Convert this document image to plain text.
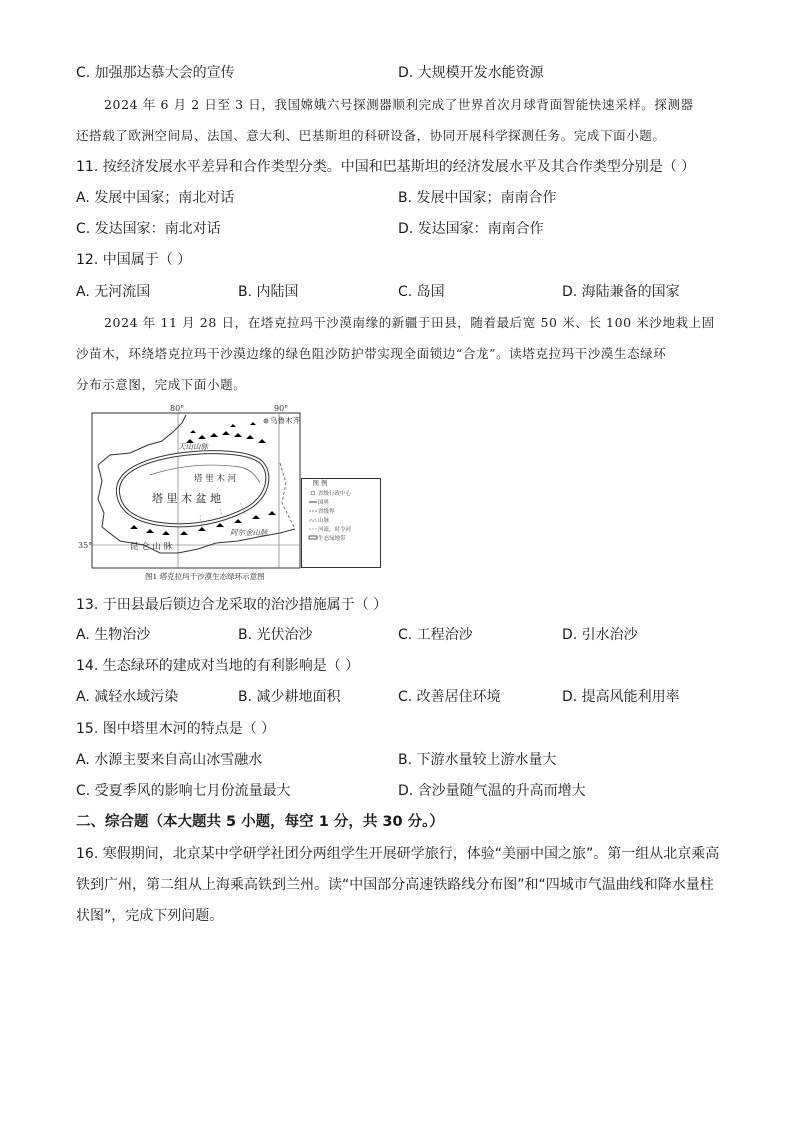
C. 加强那达慕大会的宣传	D. 大规模开发水能资源
2024 年 6 月 2 日至 3 日，我国嫦娥六号探测器顺利完成了世界首次月球背面智能快速采样。探测器
还搭载了欧洲空间局、法国、意大利、巴基斯坦的科研设备，协同开展科学探测任务。完成下面小题。
11. 按经济发展水平差异和合作类型分类。中国和巴基斯坦的经济发展水平及其合作类型分别是（ ）
A. 发展中国家；南北对话	B. 发展中国家；南南合作
C. 发达国家：南北对话	D. 发达国家：南南合作
12. 中国属于（ ）
A. 无河流国	B. 内陆国	C. 岛国	D. 海陆兼备的国家
2024 年 11 月 28 日，在塔克拉玛干沙漠南缘的新疆于田县，随着最后宽 50 米、长 100 米沙地栽上固
沙苗木，环绕塔克拉玛干沙漠边缘的绿色阻沙防护带实现全面锁边“合龙”。读塔克拉玛干沙漠生态绿环
分布示意图，完成下面小题。
80°	90°
35°
乌鲁木齐
天山山脉
塔 里 木 河
塔 里 木 盆 地
昆 仑 山 脉
阿尔金山脉
图 例
省级行政中心
国界
省级界
山脉
河流、时令河
生态绿地带
图1 塔克拉玛干沙漠生态绿环示意图
13. 于田县最后锁边合龙采取的治沙措施属于（ ）
A. 生物治沙	B. 光伏治沙	C. 工程治沙	D. 引水治沙
14. 生态绿环的建成对当地的有利影响是（ ）
A. 减轻水域污染	B. 减少耕地面积	C. 改善居住环境	D. 提高风能利用率
15. 图中塔里木河的特点是（ ）
A. 水源主要来自高山冰雪融水	B. 下游水量较上游水量大
C. 受夏季风的影响七月份流量最大	D. 含沙量随气温的升高而增大
二、综合题（本大题共 5 小题，每空 1 分，共 30 分。）
16. 寒假期间，北京某中学研学社团分两组学生开展研学旅行，体验“美丽中国之旅”。第一组从北京乘高
铁到广州，第二组从上海乘高铁到兰州。读“中国部分高速铁路线分布图”和“四城市气温曲线和降水量柱
状图”，完成下列问题。
